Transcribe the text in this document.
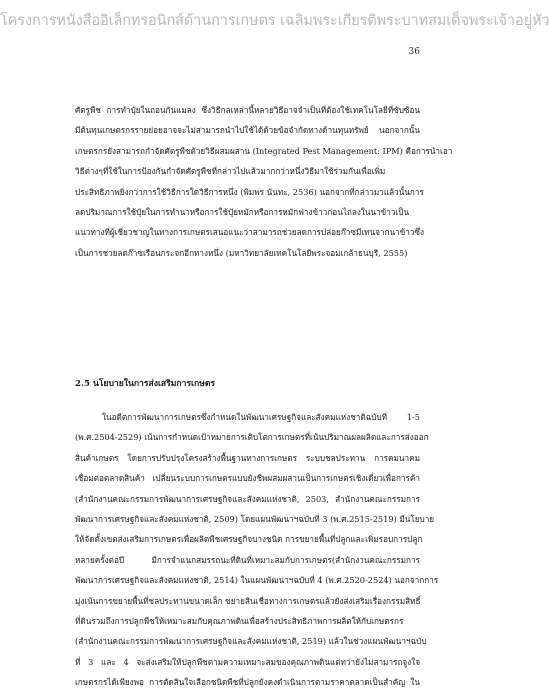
โครงการหนังสืออิเล็กทรอนิกส์ด้านการเกษตร เฉลิมพระเกียรติพระบาทสมเด็จพระเจ้าอยู่หัว
36
ศัตรูพืช การทำปุ๋ยในถอนกันแมลง ซึ่งวิธีกลเหล่านี้หลายวิธีอาจจำเป็นที่ต้องใช้เทคโนโลยีที่ซับซ้อน
มีต้นทุนเกษตรกรรายย่อยอาจจะไม่สามารถนำไปใช้ได้ด้วยข้อจำกัดทางด้านทุนทรัพย์ นอกจากนั้น
เกษตรกรยังสามารถกำจัดศัตรูพืชด้วยวิธีผสมผสาน (Integrated Pest Management: IPM) คือการนำเอา
วิธีต่างๆที่ใช้ในการป้องกันกำจัดศัตรูพืชที่กล่าวไปแล้วมากกว่าหนึ่งวิธีมาใช้ร่วมกันเพื่อเพิ่ม
ประสิทธิภาพยิ่งกว่าการใช้วิธีการใดวิธีการหนึ่ง (พิมพร นันทะ, 2536) นอกจากที่กล่าวมาแล้วนั้นการ
ลดปริมาณการใช้ปุ๋ยในการทำนาหรือการใช้ปุ๋ยหมักหรือการหมักฟางข้าวก่อนไถ่ลงในนาข้าวเป็น
แนวทางที่ผู้เชี่ยวชาญในทางการเกษตรเสนอแนะว่าสามารถช่วยลดการปล่อยก๊าซมีเทนจากนาข้าวซึ่ง
เป็นการช่วยลดก๊าซเรือนกระจกอีกทางหนึ่ง (มหาวิทยาลัยเทคโนโลยีพระจอมเกล้าธนบุรี, 2555)
2.5 นโยบายในการส่งเสริมการเกษตร
ในอดีตการพัฒนาการเกษตรซึ่งกำหนดในพัฒนาเศรษฐกิจและสังคมแห่งชาติฉบับที่ 1-5
(พ.ศ.2504-2529) เน้นการกำหนดเป้าหมายการเติบโตการเกษตรที่เน้นปริมาณผลผลิตและการส่งออก
สินค้าเกษตร โดยการปรับปรุงโครงสร้างพื้นฐานทางการเกษตร ระบบชลประทาน การคมนาคม
เชื่อมต่อตลาดสินค้า เปลี่ยนระบบการเกษตรแบบยังชีพผสมผสานเป็นการเกษตรเชิงเดี่ยวเพื่อการค้า
(สำนักงานคณะกรรมการพัฒนาการเศรษฐกิจและสังคมแห่งชาติ, 2503, สำนักงานคณะกรรมการ
พัฒนาการเศรษฐกิจและสังคมแห่งชาติ, 2509) โดยแผนพัฒนาฯฉบับที่ 3 (พ.ศ.2515-2519) มีนโยบาย
ให้จัดตั้งเขตส่งเสริมการเกษตรเพื่อผลิตพืชเศรษฐกิจบางชนิด การขยายพื้นที่ปลูกและเพิ่มรอบการปลูก
หลายครั้งต่อปี มีการจำแนกสมรรถนะที่ดินที่เหมาะสมกับการเกษตร(สำนักงานคณะกรรมการ
พัฒนาการเศรษฐกิจและสังคมแห่งชาติ, 2514) ในแผนพัฒนาฯฉบับที่ 4 (พ.ศ.2520-2524) นอกจากการ
มุ่งเน้นการขยายพื้นที่ชลประทานขนาดเล็ก ขยายสินเชื่อทางการเกษตรแล้วยังส่งเสริมเรื่องกรรมสิทธิ์
ที่ดินรวมถึงการปลูกพืชให้เหมาะสมกับคุณภาพดินเพื่อสร้างประสิทธิภาพการผลิตให้กับเกษตรกร
(สำนักงานคณะกรรมการพัฒนาการเศรษฐกิจและสังคมแห่งชาติ, 2519) แล้วในช่วงแผนพัฒนาฯฉบับ
ที่ 3 และ 4 จะส่งเสริมให้ปลูกพืชตามความเหมาะสมของคุณภาพดินแต่ทว่ายังไม่สามารถจูงใจ
เกษตรกรได้เพียงพอ การตัดสินใจเลือกชนิดพืชที่ปลูกยังคงดำเนินการตามราคาตลาดเป็นสำคัญ ใน
